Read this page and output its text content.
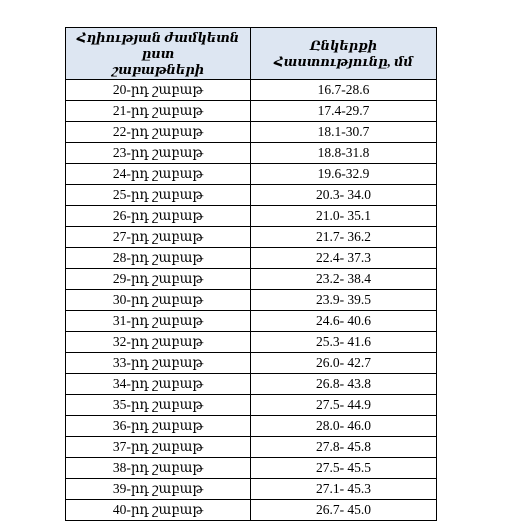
Հղիության ժամկետն ըստ
շաբաթների	Ընկերքի
Հաստությունը, մմ

20-րդ շաբաթ	16.7-28.6
21-րդ շաբաթ	17.4-29.7
22-րդ շաբաթ	18.1-30.7
23-րդ շաբաթ	18.8-31.8
24-րդ շաբաթ	19.6-32.9
25-րդ շաբաթ	20.3- 34.0
26-րդ շաբաթ	21.0- 35.1
27-րդ շաբաթ	21.7- 36.2
28-րդ շաբաթ	22.4- 37.3
29-րդ շաբաթ	23.2- 38.4
30-րդ շաբաթ	23.9- 39.5
31-րդ շաբաթ	24.6- 40.6
32-րդ շաբաթ	25.3- 41.6
33-րդ շաբաթ	26.0- 42.7
34-րդ շաբաթ	26.8- 43.8
35-րդ շաբաթ	27.5- 44.9
36-րդ շաբաթ	28.0- 46.0
37-րդ շաբաթ	27.8- 45.8
38-րդ շաբաթ	27.5- 45.5
39-րդ շաբաթ	27.1- 45.3
40-րդ շաբաթ	26.7- 45.0
